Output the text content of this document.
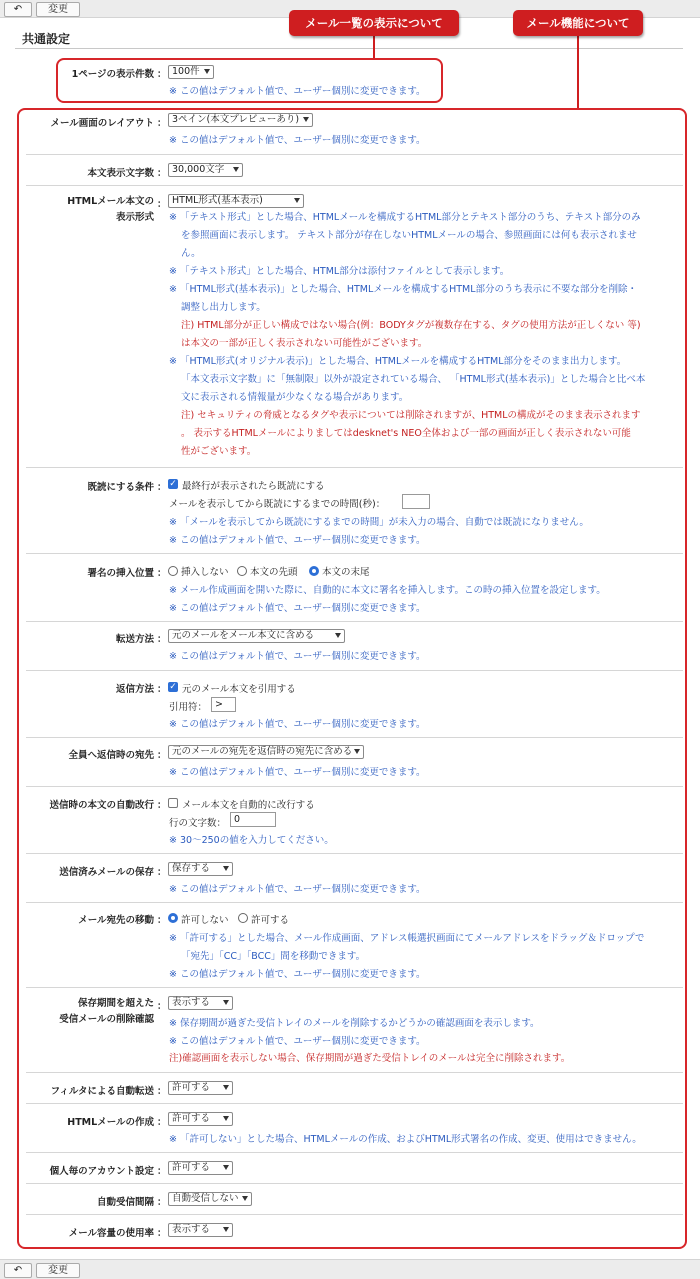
↶	変更
共通設定
メール一覧の表示について	メール機能について
1ページの表示件数 ： 100件
※ この値はデフォルト値で、ユーザー個別に変更できます。
メール画面のレイアウト ： 3ペイン(本文プレビューあり)
※ この値はデフォルト値で、ユーザー個別に変更できます。
本文表示文字数 ： 30,000文字
HTMLメール本文の
表示形式
： HTML形式(基本表示)
※ 「テキスト形式」とした場合、HTMLメールを構成するHTML部分とテキスト部分のうち、テキスト部分のみ
を参照画面に表示します。 テキスト部分が存在しないHTMLメールの場合、参照画面には何も表示されませ
ん。
※ 「テキスト形式」とした場合、HTML部分は添付ファイルとして表示します。
※ 「HTML形式(基本表示)」とした場合、HTMLメールを構成するHTML部分のうち表示に不要な部分を削除・
調整し出力します。
注) HTML部分が正しい構成ではない場合(例：BODYタグが複数存在する、タグの使用方法が正しくない 等)
は本文の一部が正しく表示されない可能性がございます。
※ 「HTML形式(オリジナル表示)」とした場合、HTMLメールを構成するHTML部分をそのまま出力します。
「本文表示文字数」に「無制限」以外が設定されている場合、 「HTML形式(基本表示)」とした場合と比べ本
文に表示される情報量が少なくなる場合があります。
注) セキュリティの脅威となるタグや表示については削除されますが、HTMLの構成がそのまま表示されます
。 表示するHTMLメールによりましてはdesknet's NEO全体および一部の画面が正しく表示されない可能
性がございます。
既読にする条件 ： ✓ 最終行が表示されたら既読にする
メールを表示してから既読にするまでの時間(秒)：
※ 「メールを表示してから既読にするまでの時間」が未入力の場合、自動では既読になりません。
※ この値はデフォルト値で、ユーザー個別に変更できます。
署名の挿入位置 ： 挿入しない 本文の先頭	本文の末尾
※ メール作成画面を開いた際に、自動的に本文に署名を挿入します。この時の挿入位置を設定します。
※ この値はデフォルト値で、ユーザー個別に変更できます。
転送方法 ： 元のメールをメール本文に含める
※ この値はデフォルト値で、ユーザー個別に変更できます。
返信方法 ： ✓ 元のメール本文を引用する
引用符： >
※ この値はデフォルト値で、ユーザー個別に変更できます。
全員へ返信時の宛先 ： 元のメールの宛先を返信時の宛先に含める
※ この値はデフォルト値で、ユーザー個別に変更できます。
送信時の本文の自動改行 ： メール本文を自動的に改行する
行の文字数： 0
※ 30～250の値を入力してください。
送信済みメールの保存 ： 保存する
※ この値はデフォルト値で、ユーザー個別に変更できます。
メール宛先の移動 ： 許可しない 許可する
※ 「許可する」とした場合、メール作成画面、アドレス帳選択画面にてメールアドレスをドラッグ＆ドロップで
「宛先」「CC」「BCC」間を移動できます。
※ この値はデフォルト値で、ユーザー個別に変更できます。
保存期間を超えた
受信メールの削除確認
： 表示する
※ 保存期間が過ぎた受信トレイのメールを削除するかどうかの確認画面を表示します。
※ この値はデフォルト値で、ユーザー個別に変更できます。
注)確認画面を表示しない場合、保存期間が過ぎた受信トレイのメールは完全に削除されます。
フィルタによる自動転送 ： 許可する
HTMLメールの作成 ： 許可する
※ 「許可しない」とした場合、HTMLメールの作成、およびHTML形式署名の作成、変更、使用はできません。
個人毎のアカウント設定 ： 許可する
自動受信間隔 ： 自動受信しない
メール容量の使用率 ： 表示する
↶	変更
